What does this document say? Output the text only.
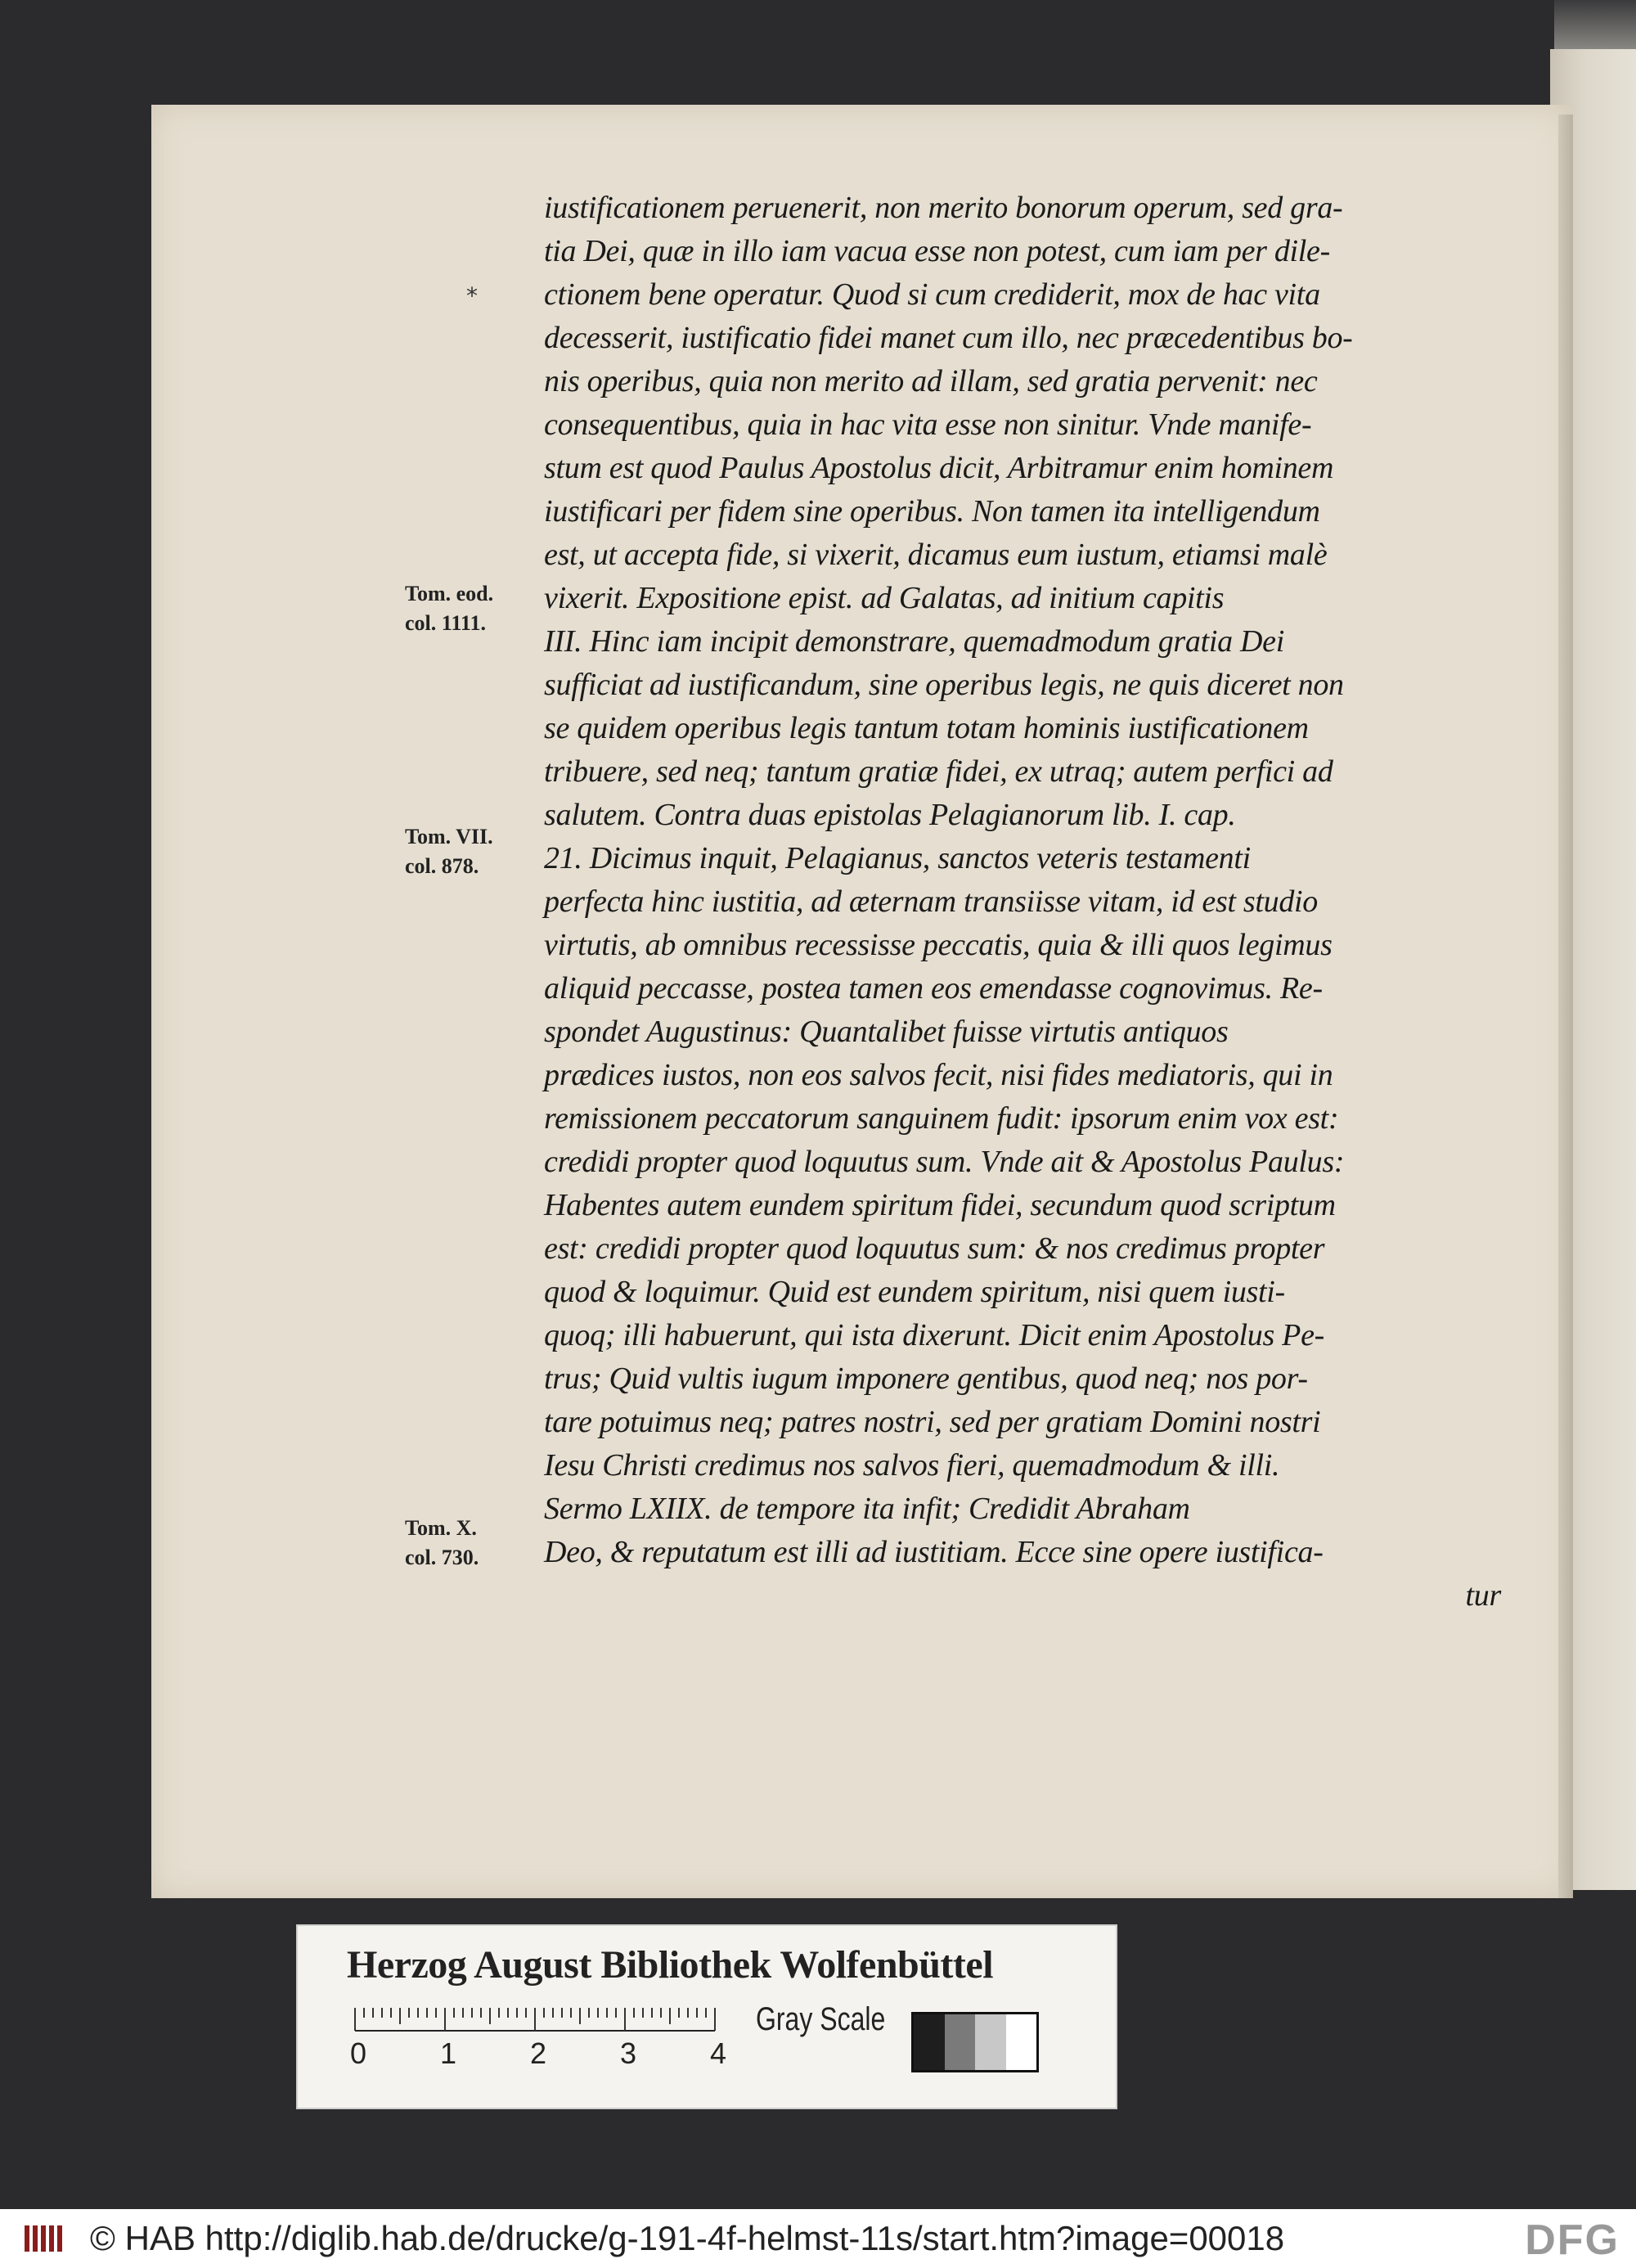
*
Tom. eod.
col. 1111.
Tom. VII.
col. 878.
Tom. X.
col. 730.
iustificationem peruenerit, non merito bonorum operum, sed gra-
tia Dei, quæ in illo iam vacua esse non potest, cum iam per dile-
ctionem bene operatur. Quod si cum crediderit, mox de hac vita
decesserit, iustificatio fidei manet cum illo, nec præcedentibus bo-
nis operibus, quia non merito ad illam, sed gratia pervenit: nec
consequentibus, quia in hac vita esse non sinitur. Vnde manife-
stum est quod Paulus Apostolus dicit, Arbitramur enim hominem
iustificari per fidem sine operibus. Non tamen ita intelligendum
est, ut accepta fide, si vixerit, dicamus eum iustum, etiamsi malè
vixerit. Expositione epist. ad Galatas, ad initium capitis
III. Hinc iam incipit demonstrare, quemadmodum gratia Dei
sufficiat ad iustificandum, sine operibus legis, ne quis diceret non
se quidem operibus legis tantum totam hominis iustificationem
tribuere, sed neq; tantum gratiæ fidei, ex utraq; autem perfici ad
salutem. Contra duas epistolas Pelagianorum lib. I. cap.
21. Dicimus inquit, Pelagianus, sanctos veteris testamenti
perfecta hinc iustitia, ad æternam transiisse vitam, id est studio
virtutis, ab omnibus recessisse peccatis, quia & illi quos legimus
aliquid peccasse, postea tamen eos emendasse cognovimus. Re-
spondet Augustinus: Quantalibet fuisse virtutis antiquos
prædices iustos, non eos salvos fecit, nisi fides mediatoris, qui in
remissionem peccatorum sanguinem fudit: ipsorum enim vox est:
credidi propter quod loquutus sum. Vnde ait & Apostolus Paulus:
Habentes autem eundem spiritum fidei, secundum quod scriptum
est: credidi propter quod loquutus sum: & nos credimus propter
quod & loquimur. Quid est eundem spiritum, nisi quem iusti-
quoq; illi habuerunt, qui ista dixerunt. Dicit enim Apostolus Pe-
trus; Quid vultis iugum imponere gentibus, quod neq; nos por-
tare potuimus neq; patres nostri, sed per gratiam Domini nostri
Iesu Christi credimus nos salvos fieri, quemadmodum & illi.
Sermo LXIIX. de tempore ita infit; Credidit Abraham
Deo, & reputatum est illi ad iustitiam. Ecce sine opere iustifica-
tur
Herzog August Bibliothek Wolfenbüttel
0 1 2 3 4
Gray Scale
© HAB http://diglib.hab.de/drucke/g-191-4f-helmst-11s/start.htm?image=00018	DFG
